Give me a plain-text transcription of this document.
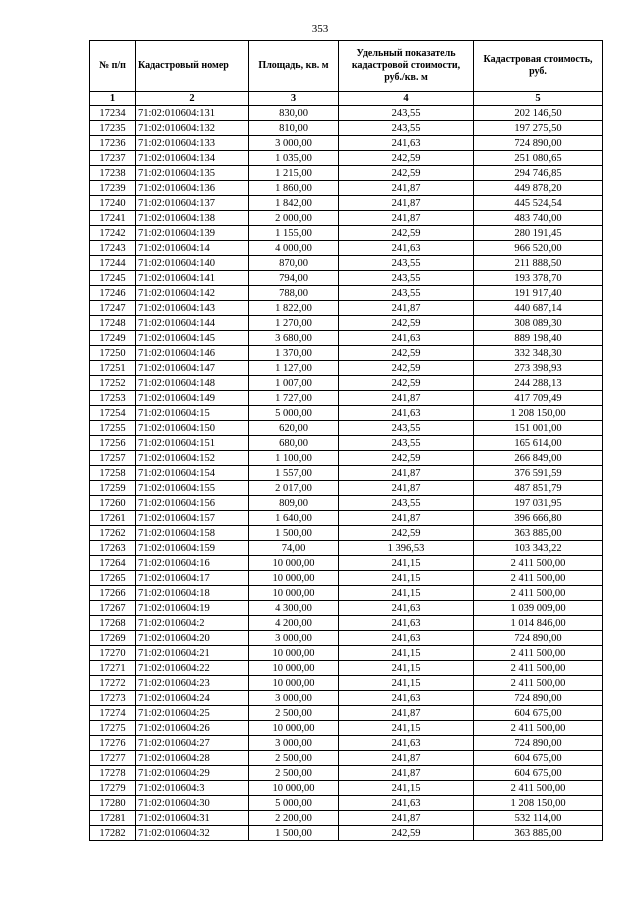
353
№ п/п	Кадастровый номер	Площадь, кв. м	Удельный показатель кадастровой стоимости, руб./кв. м	Кадастровая стоимость, руб.
1	2	3	4	5
17234	71:02:010604:131	830,00	243,55	202 146,50
17235	71:02:010604:132	810,00	243,55	197 275,50
17236	71:02:010604:133	3 000,00	241,63	724 890,00
17237	71:02:010604:134	1 035,00	242,59	251 080,65
17238	71:02:010604:135	1 215,00	242,59	294 746,85
17239	71:02:010604:136	1 860,00	241,87	449 878,20
17240	71:02:010604:137	1 842,00	241,87	445 524,54
17241	71:02:010604:138	2 000,00	241,87	483 740,00
17242	71:02:010604:139	1 155,00	242,59	280 191,45
17243	71:02:010604:14	4 000,00	241,63	966 520,00
17244	71:02:010604:140	870,00	243,55	211 888,50
17245	71:02:010604:141	794,00	243,55	193 378,70
17246	71:02:010604:142	788,00	243,55	191 917,40
17247	71:02:010604:143	1 822,00	241,87	440 687,14
17248	71:02:010604:144	1 270,00	242,59	308 089,30
17249	71:02:010604:145	3 680,00	241,63	889 198,40
17250	71:02:010604:146	1 370,00	242,59	332 348,30
17251	71:02:010604:147	1 127,00	242,59	273 398,93
17252	71:02:010604:148	1 007,00	242,59	244 288,13
17253	71:02:010604:149	1 727,00	241,87	417 709,49
17254	71:02:010604:15	5 000,00	241,63	1 208 150,00
17255	71:02:010604:150	620,00	243,55	151 001,00
17256	71:02:010604:151	680,00	243,55	165 614,00
17257	71:02:010604:152	1 100,00	242,59	266 849,00
17258	71:02:010604:154	1 557,00	241,87	376 591,59
17259	71:02:010604:155	2 017,00	241,87	487 851,79
17260	71:02:010604:156	809,00	243,55	197 031,95
17261	71:02:010604:157	1 640,00	241,87	396 666,80
17262	71:02:010604:158	1 500,00	242,59	363 885,00
17263	71:02:010604:159	74,00	1 396,53	103 343,22
17264	71:02:010604:16	10 000,00	241,15	2 411 500,00
17265	71:02:010604:17	10 000,00	241,15	2 411 500,00
17266	71:02:010604:18	10 000,00	241,15	2 411 500,00
17267	71:02:010604:19	4 300,00	241,63	1 039 009,00
17268	71:02:010604:2	4 200,00	241,63	1 014 846,00
17269	71:02:010604:20	3 000,00	241,63	724 890,00
17270	71:02:010604:21	10 000,00	241,15	2 411 500,00
17271	71:02:010604:22	10 000,00	241,15	2 411 500,00
17272	71:02:010604:23	10 000,00	241,15	2 411 500,00
17273	71:02:010604:24	3 000,00	241,63	724 890,00
17274	71:02:010604:25	2 500,00	241,87	604 675,00
17275	71:02:010604:26	10 000,00	241,15	2 411 500,00
17276	71:02:010604:27	3 000,00	241,63	724 890,00
17277	71:02:010604:28	2 500,00	241,87	604 675,00
17278	71:02:010604:29	2 500,00	241,87	604 675,00
17279	71:02:010604:3	10 000,00	241,15	2 411 500,00
17280	71:02:010604:30	5 000,00	241,63	1 208 150,00
17281	71:02:010604:31	2 200,00	241,87	532 114,00
17282	71:02:010604:32	1 500,00	242,59	363 885,00
